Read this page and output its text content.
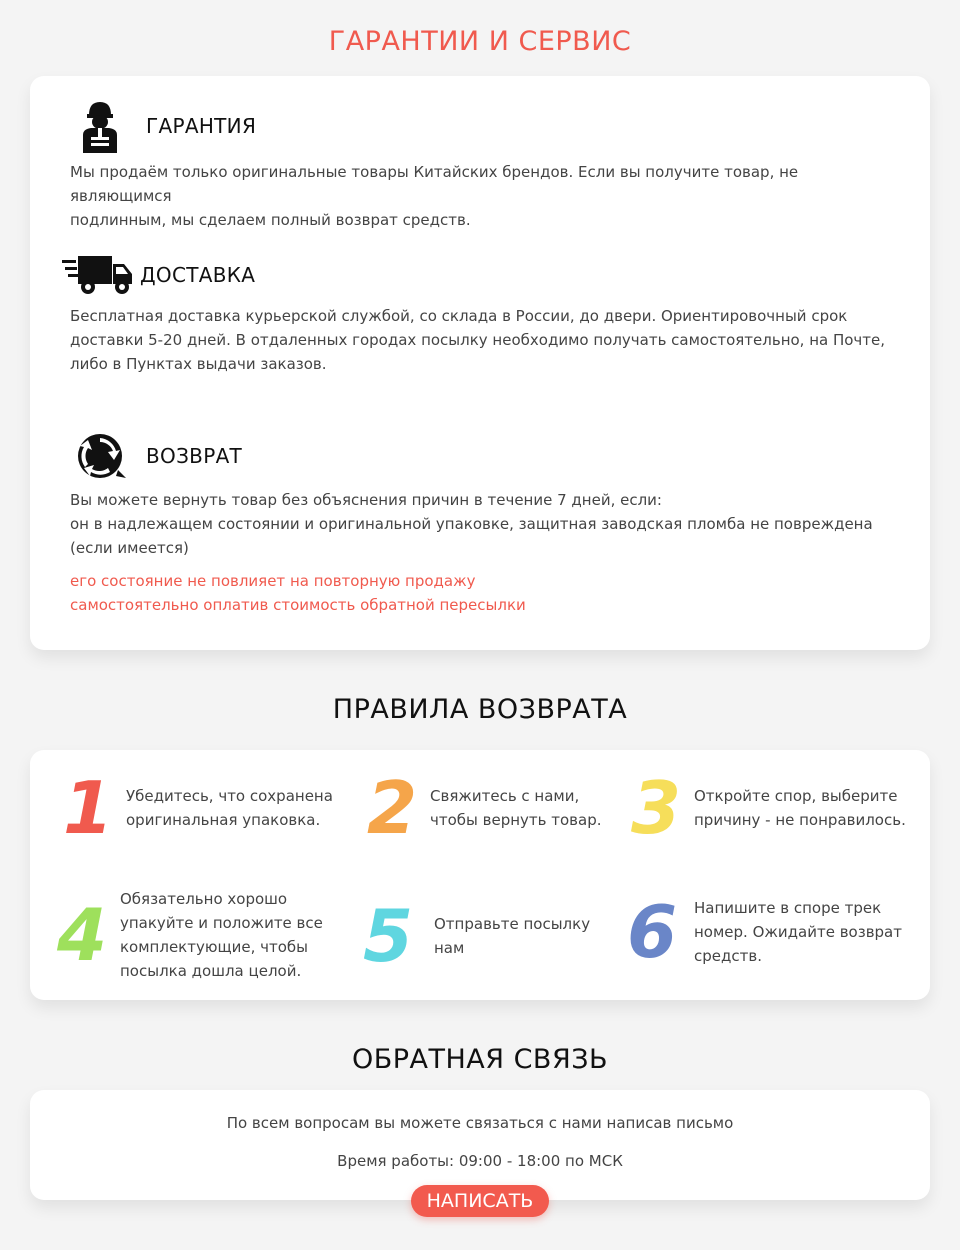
ГАРАНТИИ И СЕРВИС
ГАРАНТИЯ
Мы продаём только оригинальные товары Китайских брендов. Если вы получите товар, не являющимся
подлинным, мы сделаем полный возврат средств.
ДОСТАВКА
Бесплатная доставка курьерской службой, со склада в России, до двери. Ориентировочный срок
доставки 5-20 дней. В отдаленных городах посылку необходимо получать самостоятельно, на Почте,
либо в Пунктах выдачи заказов.
ВОЗВРАТ
Вы можете вернуть товар без объяснения причин в течение 7 дней, если:
он в надлежащем состоянии и оригинальной упаковке, защитная заводская пломба не повреждена
(если имеется)
его состояние не повлияет на повторную продажу
самостоятельно оплатив стоимость обратной пересылки
ПРАВИЛА ВОЗВРАТА
1 Убедитесь, что сохранена
оригинальная упаковка. 2 Свяжитесь с нами,
чтобы вернуть товар. 3 Откройте спор, выберите
причину - не понравилось.
4 Обязательно хорошо
упакуйте и положите все
комплектующие, чтобы
посылка дошла целой. 5	Отправьте посылку
нам	6	Напишите в споре трек
номер. Ожидайте возврат
средств.
ОБРАТНАЯ СВЯЗЬ
По всем вопросам вы можете связаться с нами написав письмо
Время работы: 09:00 - 18:00 по МСК
НАПИСАТЬ
